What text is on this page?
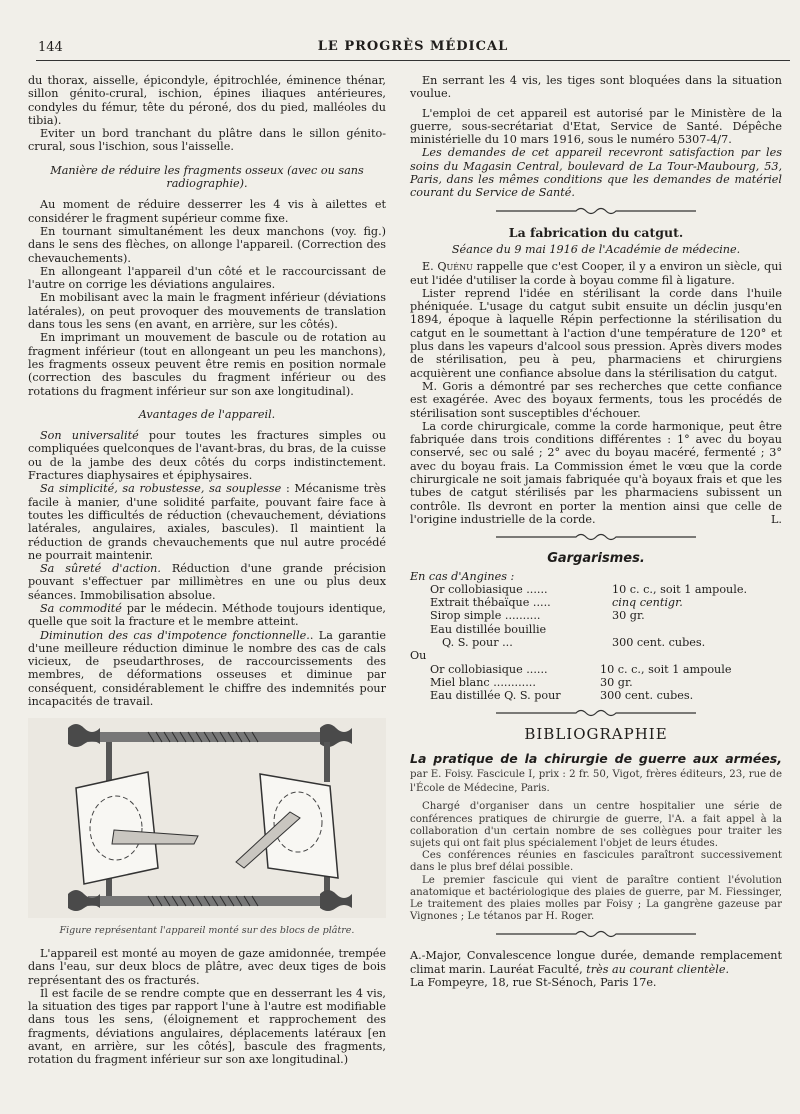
144	LE PROGRÈS MÉDICAL

du thorax, aisselle, épicondyle, épitrochlée, éminence thénar, sillon génito-crural, ischion, épines iliaques antérieures, condyles du fémur, tête du péroné, dos du pied, malléoles du tibia).

Eviter un bord tranchant du plâtre dans le sillon génito-crural, sous l'ischion, sous l'aisselle.

Manière de réduire les fragments osseux (avec ou sans radiographie).

Au moment de réduire desserrer les 4 vis à ailettes et considérer le fragment supérieur comme fixe.

En tournant simultanément les deux manchons (voy. fig.) dans le sens des flèches, on allonge l'appareil. (Correction des chevauchements).

En allongeant l'appareil d'un côté et le raccourcissant de l'autre on corrige les déviations angulaires.

En mobilisant avec la main le fragment inférieur (déviations latérales), on peut provoquer des mouvements de translation dans tous les sens (en avant, en arrière, sur les côtés).

En imprimant un mouvement de bascule ou de rotation au fragment inférieur (tout en allongeant un peu les manchons), les fragments osseux peuvent être remis en position normale (correction des bascules du fragment inférieur ou des rotations du fragment inférieur sur son axe longitudinal).

Avantages de l'appareil.

Son universalité pour toutes les fractures simples ou compliquées quelconques de l'avant-bras, du bras, de la cuisse ou de la jambe des deux côtés du corps indistinctement. Fractures diaphysaires et épiphysaires.

Sa simplicité, sa robustesse, sa souplesse : Mécanisme très facile à manier, d'une solidité parfaite, pouvant faire face à toutes les difficultés de réduction (chevauchement, déviations latérales, angulaires, axiales, bascules). Il maintient la réduction de grands chevauchements que nul autre procédé ne pourrait maintenir.

Sa sûreté d'action. Réduction d'une grande précision pouvant s'effectuer par millimètres en une ou plus deux séances. Immobilisation absolue.

Sa commodité par le médecin. Méthode toujours identique, quelle que soit la fracture et le membre atteint.

Diminution des cas d'impotence fonctionnelle.. La garantie d'une meilleure réduction diminue le nombre des cas de cals vicieux, de pseudarthroses, de raccourcissements des membres, de déformations osseuses et diminue par conséquent, considérablement le chiffre des indemnités pour incapacités de travail.

Figure représentant l'appareil monté sur des blocs de plâtre.

L'appareil est monté au moyen de gaze amidonnée, trempée dans l'eau, sur deux blocs de plâtre, avec deux tiges de bois représentant des os fracturés.

Il est facile de se rendre compte que en desserrant les 4 vis, la situation des tiges par rapport l'une à l'autre est modifiable dans tous les sens, (éloignement et rapprochement des fragments, déviations angulaires, déplacements latéraux [en avant, en arrière, sur les côtés], bascule des fragments, rotation du fragment inférieur sur son axe longitudinal.)

En serrant les 4 vis, les tiges sont bloquées dans la situation voulue.

L'emploi de cet appareil est autorisé par le Ministère de la guerre, sous-secrétariat d'Etat, Service de Santé. Dépêche ministérielle du 10 mars 1916, sous le numéro 5307-4/7.

Les demandes de cet appareil recevront satisfaction par les soins du Magasin Central, boulevard de La Tour-Maubourg, 53, Paris, dans les mêmes conditions que les demandes de matériel courant du Service de Santé.

La fabrication du catgut.
Séance du 9 mai 1916 de l'Académie de médecine.

E. Quénu rappelle que c'est Cooper, il y a environ un siècle, qui eut l'idée d'utiliser la corde à boyau comme fil à ligature.

Lister reprend l'idée en stérilisant la corde dans l'huile phéniquée. L'usage du catgut subit ensuite un déclin jusqu'en 1894, époque à laquelle Répin perfectionne la stérilisation du catgut en le soumettant à l'action d'une température de 120° et plus dans les vapeurs d'alcool sous pression. Après divers modes de stérilisation, peu à peu, pharmaciens et chirurgiens acquièrent une confiance absolue dans la stérilisation du catgut.

M. Goris a démontré par ses recherches que cette confiance est exagérée. Avec des boyaux ferments, tous les procédés de stérilisation sont susceptibles d'échouer.

La corde chirurgicale, comme la corde harmonique, peut être fabriquée dans trois conditions différentes : 1° avec du boyau conservé, sec ou salé ; 2° avec du boyau macéré, fermenté ; 3° avec du boyau frais. La Commission émet le vœu que la corde chirurgicale ne soit jamais fabriquée qu'à boyaux frais et que les tubes de catgut stérilisés par les pharmaciens subissent un contrôle. Ils devront en porter la mention ainsi que celle de l'origine industrielle de la corde.	L.

Gargarismes.
En cas d'Angines :
Or collobiasique ......	10 c. c., soit 1 ampoule.
Extrait thébaïque .....	cinq centigr.
Sirop simple ..........	30 gr.
Eau distillée bouillie	
Q. S. pour ...	300 cent. cubes.
Ou
Or collobiasique ......	10 c. c., soit 1 ampoule
Miel blanc ............	30 gr.
Eau distillée Q. S. pour	300 cent. cubes.
BIBLIOGRAPHIE

La pratique de la chirurgie de guerre aux armées, par E. Foisy. Fascicule I, prix : 2 fr. 50, Vigot, frères éditeurs, 23, rue de l'École de Médecine, Paris.

Chargé d'organiser dans un centre hospitalier une série de conférences pratiques de chirurgie de guerre, l'A. a fait appel à la collaboration d'un certain nombre de ses collègues pour traiter les sujets qui ont fait plus spécialement l'objet de leurs études.

Ces conférences réunies en fascicules paraîtront successivement dans le plus bref délai possible.

Le premier fascicule qui vient de paraître contient l'évolution anatomique et bactériologique des plaies de guerre, par M. Fiessinger, Le traitement des plaies molles par Foisy ; La gangrène gazeuse par Vignones ; Le tétanos par H. Roger.

A.-Major, Convalescence longue durée, demande remplacement climat marin. Lauréat Faculté, très au courant clientèle.

La Fompeyre, 18, rue St-Sénoch, Paris 17e.
